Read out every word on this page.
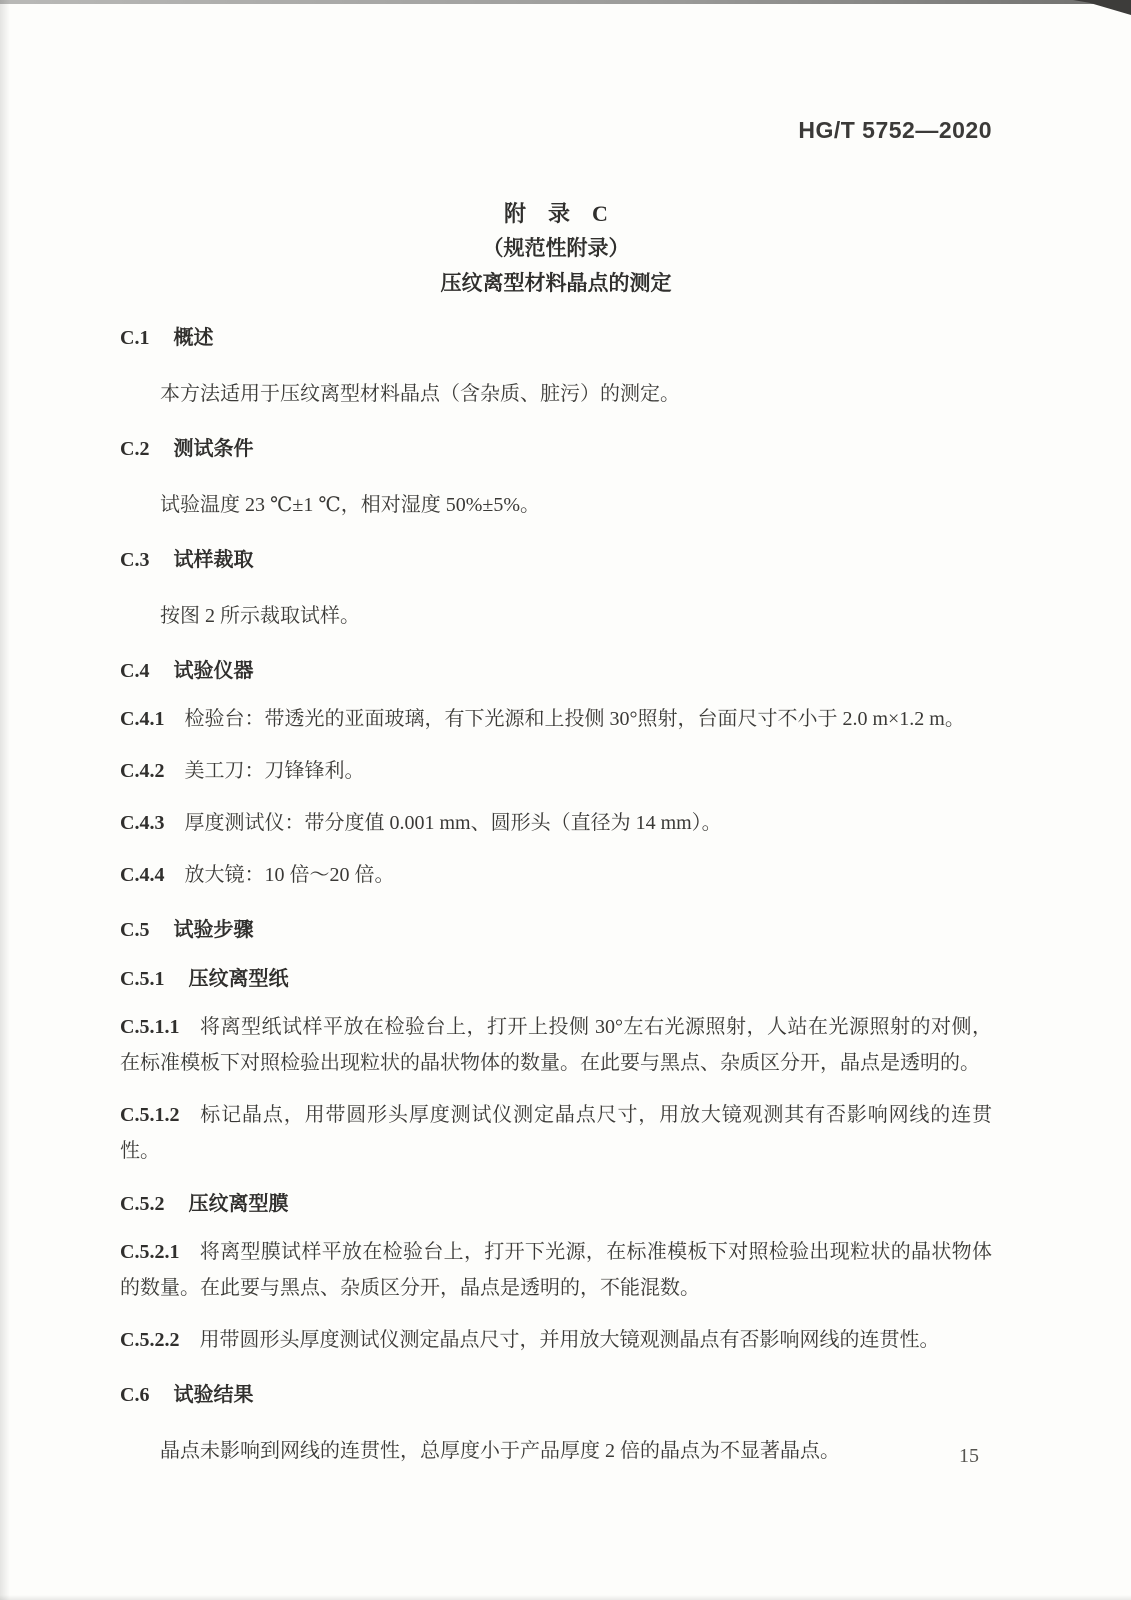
HG/T 5752—2020

附　录　C

（规范性附录）

压纹离型材料晶点的测定

C.1 概述

本方法适用于压纹离型材料晶点（含杂质、脏污）的测定。

C.2 测试条件

试验温度 23 ℃±1 ℃，相对湿度 50%±5%。

C.3 试样裁取

按图 2 所示裁取试样。

C.4 试验仪器

C.4.1 检验台：带透光的亚面玻璃，有下光源和上投侧 30°照射，台面尺寸不小于 2.0 m×1.2 m。

C.4.2 美工刀：刀锋锋利。

C.4.3 厚度测试仪：带分度值 0.001 mm、圆形头（直径为 14 mm）。

C.4.4 放大镜：10 倍～20 倍。

C.5 试验步骤

C.5.1 压纹离型纸

C.5.1.1 将离型纸试样平放在检验台上，打开上投侧 30°左右光源照射，人站在光源照射的对侧，在标准模板下对照检验出现粒状的晶状物体的数量。在此要与黑点、杂质区分开，晶点是透明的。

C.5.1.2 标记晶点，用带圆形头厚度测试仪测定晶点尺寸，用放大镜观测其有否影响网线的连贯性。

C.5.2 压纹离型膜

C.5.2.1 将离型膜试样平放在检验台上，打开下光源，在标准模板下对照检验出现粒状的晶状物体的数量。在此要与黑点、杂质区分开，晶点是透明的，不能混数。

C.5.2.2 用带圆形头厚度测试仪测定晶点尺寸，并用放大镜观测晶点有否影响网线的连贯性。

C.6 试验结果

晶点未影响到网线的连贯性，总厚度小于产品厚度 2 倍的晶点为不显著晶点。	15
